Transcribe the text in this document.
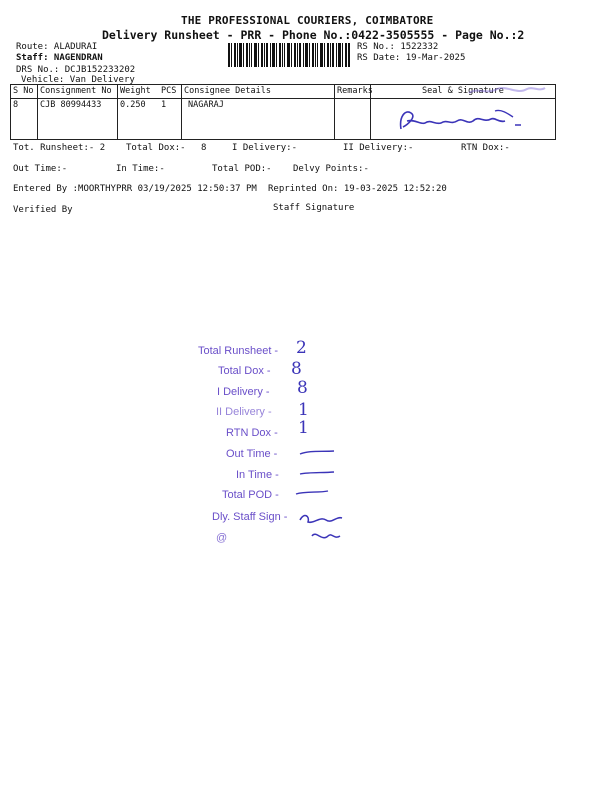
THE PROFESSIONAL COURIERS, COIMBATORE
Delivery Runsheet - PRR - Phone No.:0422-3505555 - Page No.:2
Route: ALADURAI
Staff: NAGENDRAN
DRS No.: DCJB152233202
Vehicle: Van Delivery
RS No.: 1522332
RS Date: 19-Mar-2025
S No	Consignment No	Weight PCS	Consignee Details	Remarks	Seal & Signature
8	CJB 80994433	0.250 1	NAGARAJ		
Tot. Runsheet:- 2 Total Dox:- 8	I Delivery:-	II Delivery:-	RTN Dox:-
Out Time:-	In Time:-	Total POD:- Delvy Points:-
Entered By :MOORTHYPRR 03/19/2025 12:50:37 PM Reprinted On: 19-03-2025 12:52:20
Verified By	Staff Signature
Total Runsheet - 2
Total Dox - 8
I Delivery - 8
II Delivery - 1
RTN Dox - 1
Out Time -
In Time -
Total POD -
Dly. Staff Sign -
@
